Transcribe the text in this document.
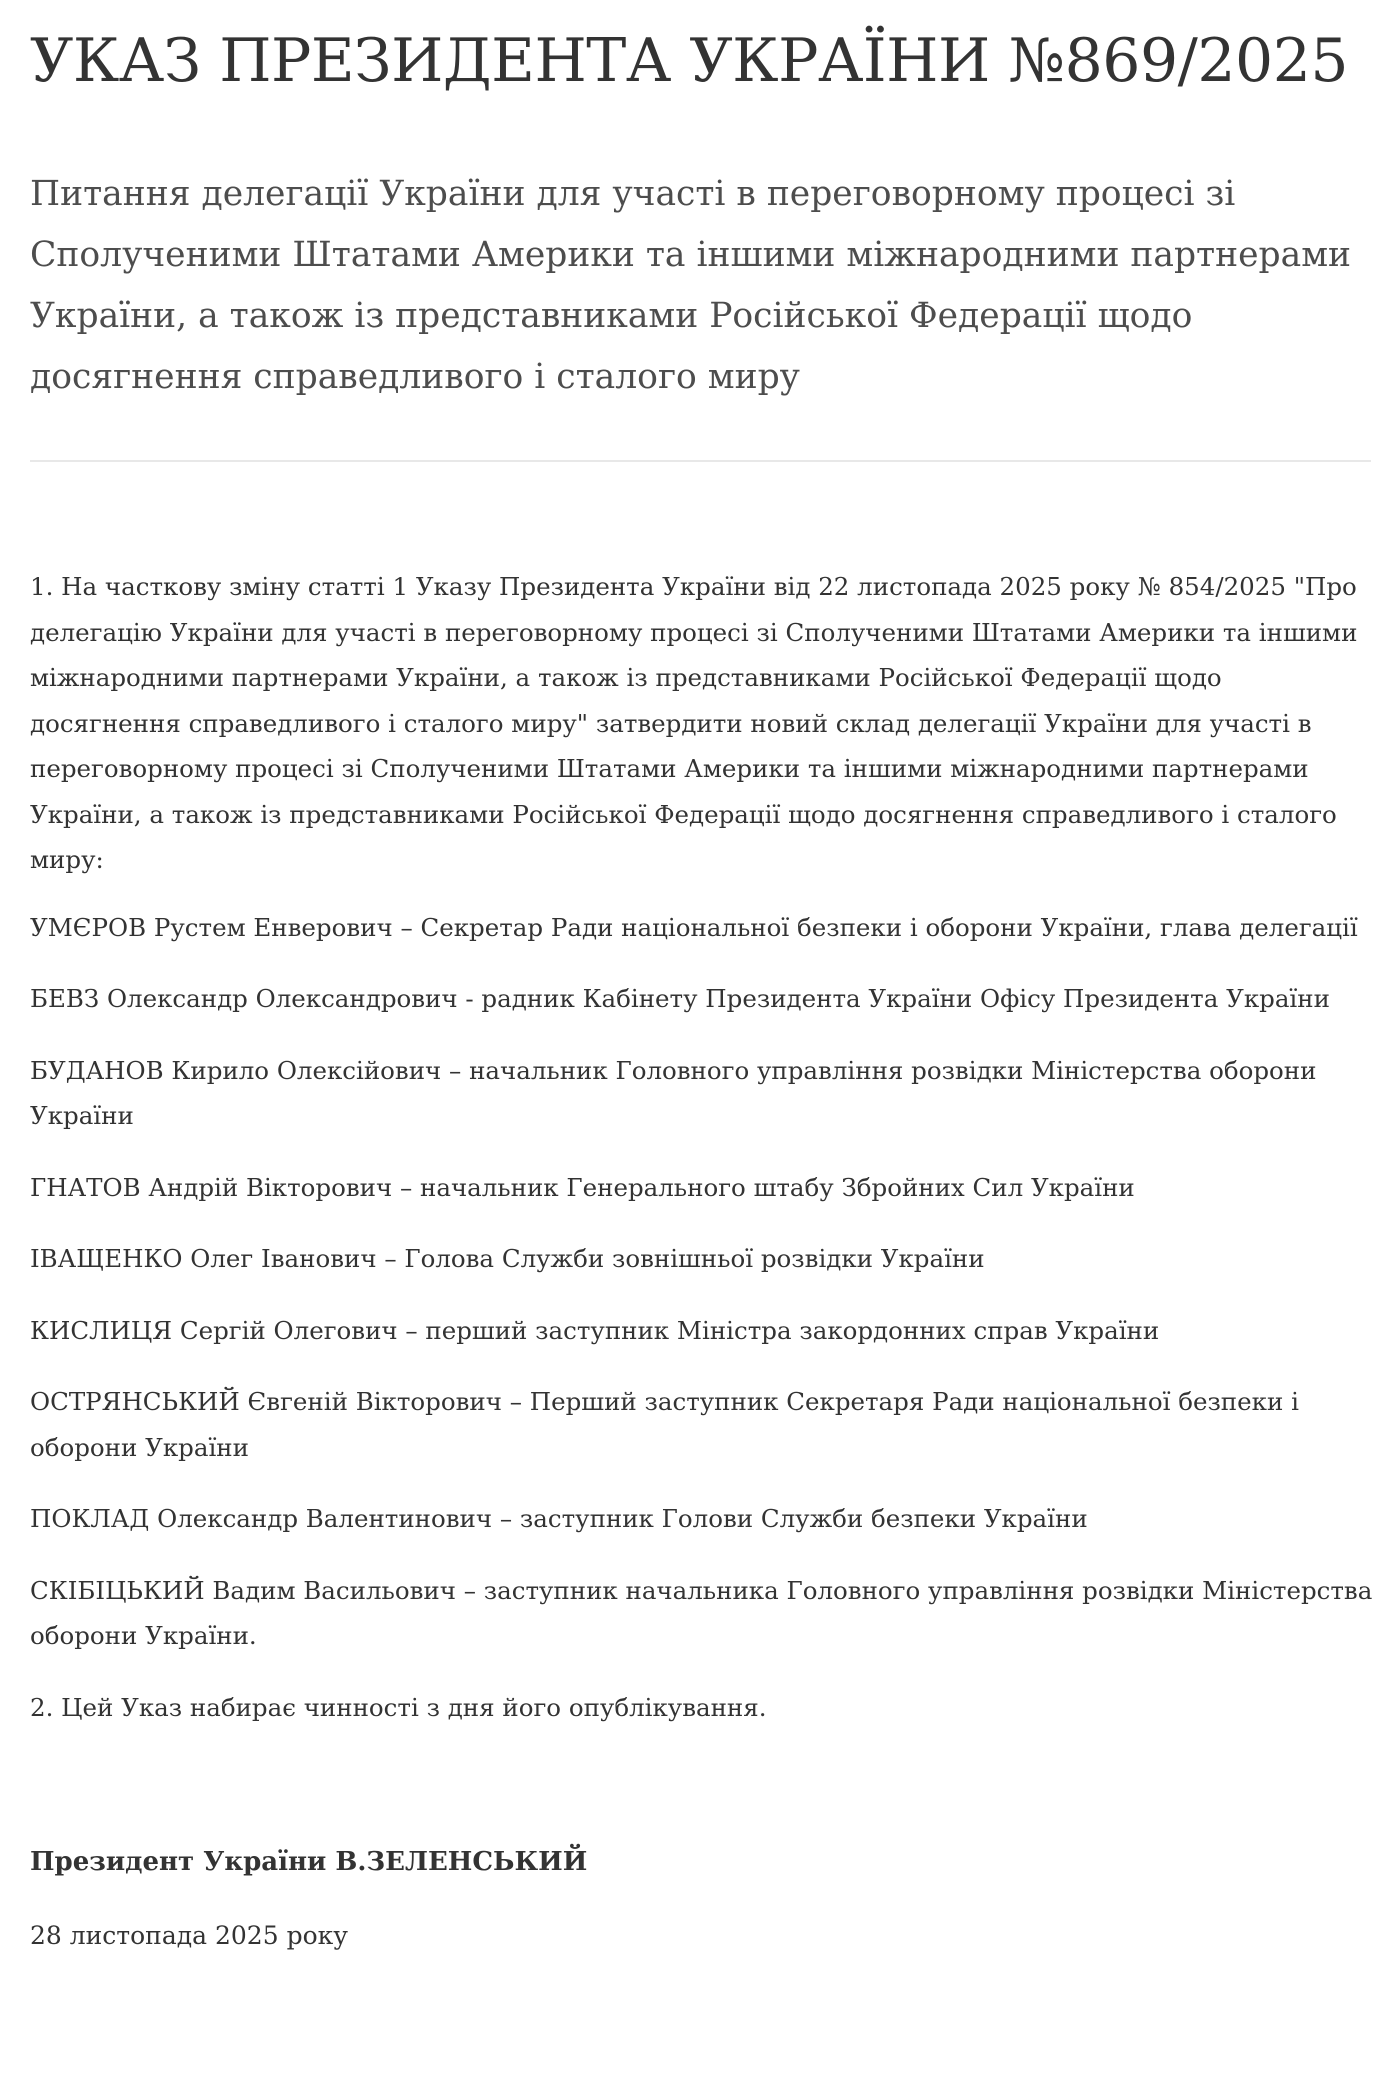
УКАЗ ПРЕЗИДЕНТА УКРАЇНИ №869/2025
Питання делегації України для участі в переговорному процесі зі Сполученими Штатами Америки та іншими міжнародними партнерами України, а також із представниками Російської Федерації щодо досягнення справедливого і сталого миру

1. На часткову зміну статті 1 Указу Президента України від 22 листопада 2025 року № 854/2025 "Про делегацію України для участі в переговорному процесі зі Сполученими Штатами Америки та іншими міжнародними партнерами України, а також із представниками Російської Федерації щодо досягнення справедливого і сталого миру" затвердити новий склад делегації України для участі в переговорному процесі зі Сполученими Штатами Америки та іншими міжнародними партнерами України, а також із представниками Російської Федерації щодо досягнення справедливого і сталого миру:

УМЄРОВ Рустем Енверович – Секретар Ради національної безпеки і оборони України, глава делегації

БЕВЗ Олександр Олександрович - радник Кабінету Президента України Офісу Президента України

БУДАНОВ Кирило Олексійович – начальник Головного управління розвідки Міністерства оборони України

ГНАТОВ Андрій Вікторович – начальник Генерального штабу Збройних Сил України

ІВАЩЕНКО Олег Іванович – Голова Служби зовнішньої розвідки України

КИСЛИЦЯ Сергій Олегович – перший заступник Міністра закордонних справ України

ОСТРЯНСЬКИЙ Євгеній Вікторович – Перший заступник Секретаря Ради національної безпеки і оборони України

ПОКЛАД Олександр Валентинович – заступник Голови Служби безпеки України

СКІБІЦЬКИЙ Вадим Васильович – заступник начальника Головного управління розвідки Міністерства оборони України.

2. Цей Указ набирає чинності з дня його опублікування.

Президент України В.ЗЕЛЕНСЬКИЙ
28 листопада 2025 року
